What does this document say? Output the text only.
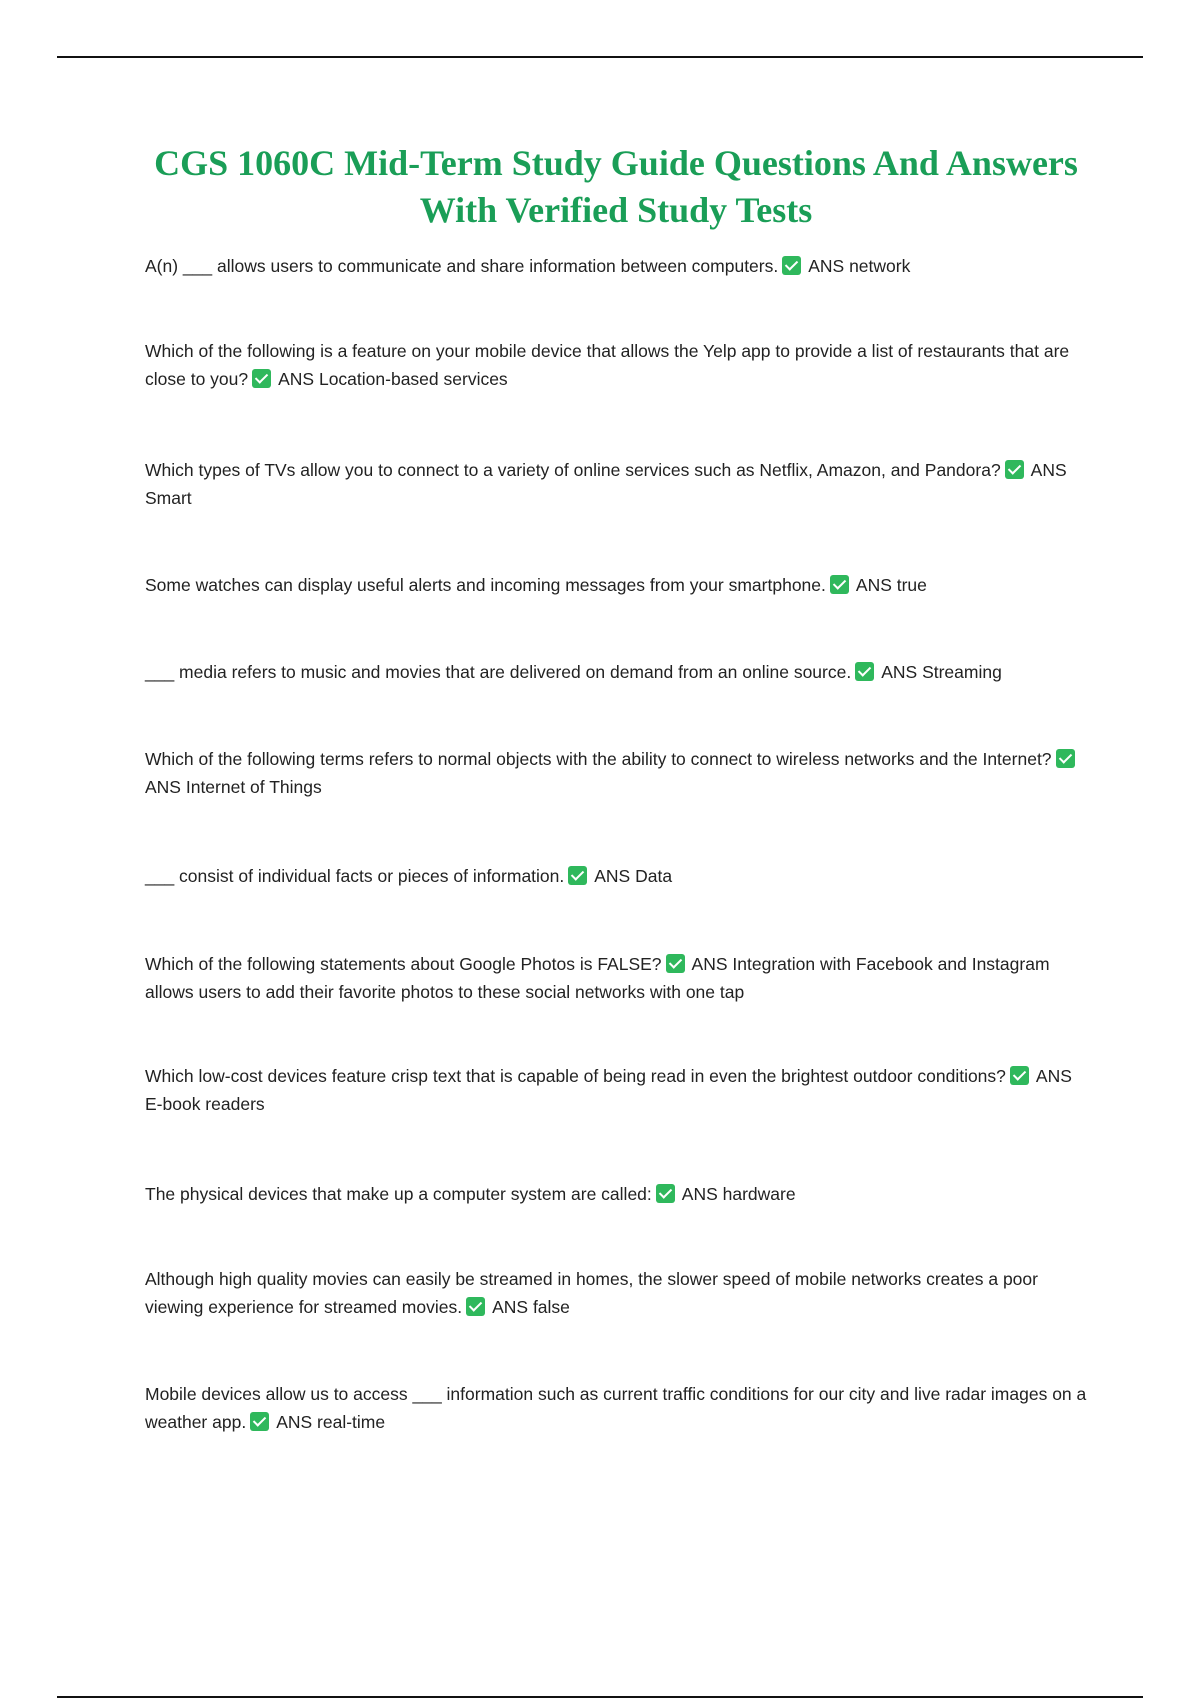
CGS 1060C Mid-Term Study Guide Questions And Answers With Verified Study Tests

A(n) ___ allows users to communicate and share information between computers. ANS network

Which of the following is a feature on your mobile device that allows the Yelp app to provide a list of restaurants that are close to you? ANS Location-based services

Which types of TVs allow you to connect to a variety of online services such as Netflix, Amazon, and Pandora? ANS Smart

Some watches can display useful alerts and incoming messages from your smartphone. ANS true

___ media refers to music and movies that are delivered on demand from an online source. ANS Streaming

Which of the following terms refers to normal objects with the ability to connect to wireless networks and the Internet?ANS Internet of Things

___ consist of individual facts or pieces of information. ANS Data

Which of the following statements about Google Photos is FALSE? ANS Integration with Facebook and Instagram allows users to add their favorite photos to these social networks with one tap

Which low-cost devices feature crisp text that is capable of being read in even the brightest outdoor conditions? ANS E-book readers

The physical devices that make up a computer system are called: ANS hardware

Although high quality movies can easily be streamed in homes, the slower speed of mobile networks creates a poor viewing experience for streamed movies. ANS false

Mobile devices allow us to access ___ information such as current traffic conditions for our city and live radar images on a weather app. ANS real-time
